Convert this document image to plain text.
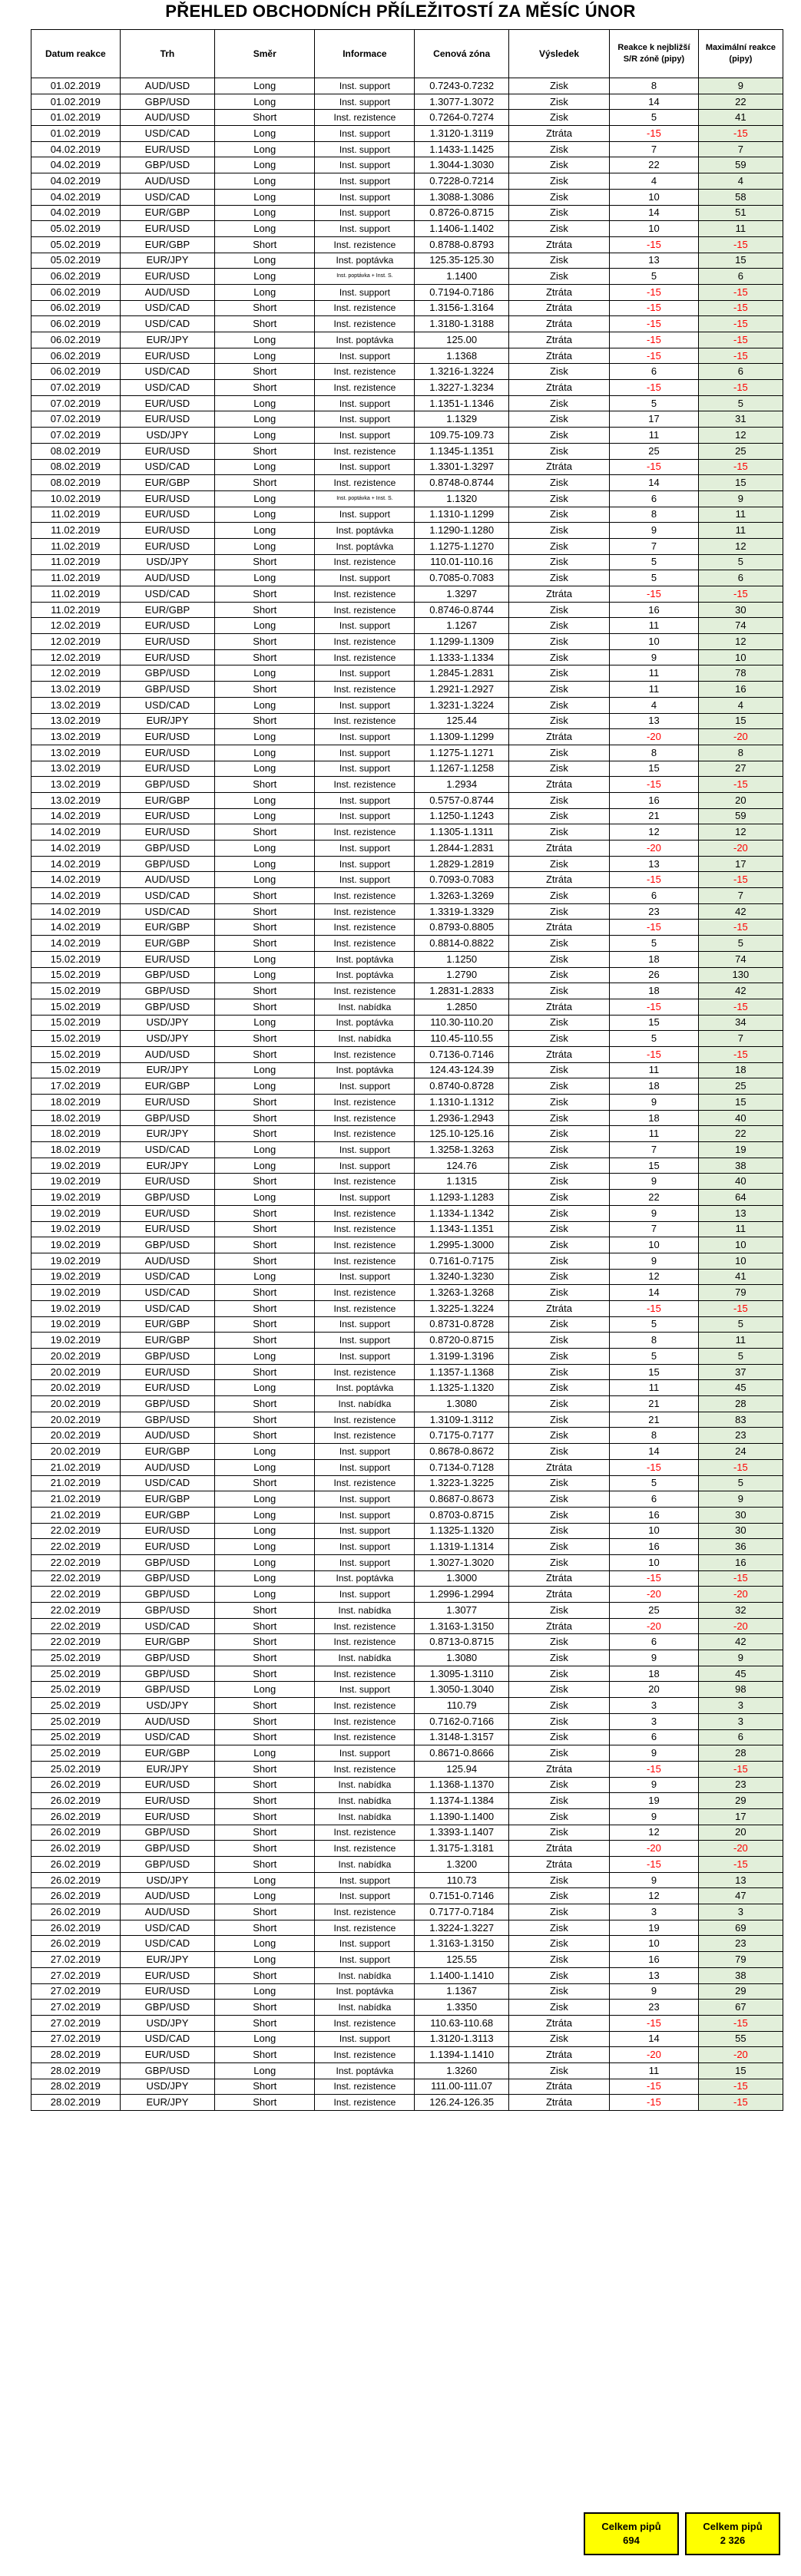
PŘEHLED OBCHODNÍCH PŘÍLEŽITOSTÍ ZA MĚSÍC ÚNOR
Datum reakce	Trh	Směr	Informace	Cenová zóna	Výsledek	Reakce k nejbližší S/R zóně (pipy)	Maximální reakce (pipy)
01.02.2019	AUD/USD	Long	Inst. support	0.7243-0.7232	Zisk	8	9
01.02.2019	GBP/USD	Long	Inst. support	1.3077-1.3072	Zisk	14	22
01.02.2019	AUD/USD	Short	Inst. rezistence	0.7264-0.7274	Zisk	5	41
01.02.2019	USD/CAD	Long	Inst. support	1.3120-1.3119	Ztráta	-15	-15
04.02.2019	EUR/USD	Long	Inst. support	1.1433-1.1425	Zisk	7	7
04.02.2019	GBP/USD	Long	Inst. support	1.3044-1.3030	Zisk	22	59
04.02.2019	AUD/USD	Long	Inst. support	0.7228-0.7214	Zisk	4	4
04.02.2019	USD/CAD	Long	Inst. support	1.3088-1.3086	Zisk	10	58
04.02.2019	EUR/GBP	Long	Inst. support	0.8726-0.8715	Zisk	14	51
05.02.2019	EUR/USD	Long	Inst. support	1.1406-1.1402	Zisk	10	11
05.02.2019	EUR/GBP	Short	Inst. rezistence	0.8788-0.8793	Ztráta	-15	-15
05.02.2019	EUR/JPY	Long	Inst. poptávka	125.35-125.30	Zisk	13	15
06.02.2019	EUR/USD	Long	Inst. poptávka + Inst. S.	1.1400	Zisk	5	6
06.02.2019	AUD/USD	Long	Inst. support	0.7194-0.7186	Ztráta	-15	-15
06.02.2019	USD/CAD	Short	Inst. rezistence	1.3156-1.3164	Ztráta	-15	-15
06.02.2019	USD/CAD	Short	Inst. rezistence	1.3180-1.3188	Ztráta	-15	-15
06.02.2019	EUR/JPY	Long	Inst. poptávka	125.00	Ztráta	-15	-15
06.02.2019	EUR/USD	Long	Inst. support	1.1368	Ztráta	-15	-15
06.02.2019	USD/CAD	Short	Inst. rezistence	1.3216-1.3224	Zisk	6	6
07.02.2019	USD/CAD	Short	Inst. rezistence	1.3227-1.3234	Ztráta	-15	-15
07.02.2019	EUR/USD	Long	Inst. support	1.1351-1.1346	Zisk	5	5
07.02.2019	EUR/USD	Long	Inst. support	1.1329	Zisk	17	31
07.02.2019	USD/JPY	Long	Inst. support	109.75-109.73	Zisk	11	12
08.02.2019	EUR/USD	Short	Inst. rezistence	1.1345-1.1351	Zisk	25	25
08.02.2019	USD/CAD	Long	Inst. support	1.3301-1.3297	Ztráta	-15	-15
08.02.2019	EUR/GBP	Short	Inst. rezistence	0.8748-0.8744	Zisk	14	15
10.02.2019	EUR/USD	Long	Inst. poptávka + Inst. S.	1.1320	Zisk	6	9
11.02.2019	EUR/USD	Long	Inst. support	1.1310-1.1299	Zisk	8	11
11.02.2019	EUR/USD	Long	Inst. poptávka	1.1290-1.1280	Zisk	9	11
11.02.2019	EUR/USD	Long	Inst. poptávka	1.1275-1.1270	Zisk	7	12
11.02.2019	USD/JPY	Short	Inst. rezistence	110.01-110.16	Zisk	5	5
11.02.2019	AUD/USD	Long	Inst. support	0.7085-0.7083	Zisk	5	6
11.02.2019	USD/CAD	Short	Inst. rezistence	1.3297	Ztráta	-15	-15
11.02.2019	EUR/GBP	Short	Inst. rezistence	0.8746-0.8744	Zisk	16	30
12.02.2019	EUR/USD	Long	Inst. support	1.1267	Zisk	11	74
12.02.2019	EUR/USD	Short	Inst. rezistence	1.1299-1.1309	Zisk	10	12
12.02.2019	EUR/USD	Short	Inst. rezistence	1.1333-1.1334	Zisk	9	10
12.02.2019	GBP/USD	Long	Inst. support	1.2845-1.2831	Zisk	11	78
13.02.2019	GBP/USD	Short	Inst. rezistence	1.2921-1.2927	Zisk	11	16
13.02.2019	USD/CAD	Long	Inst. support	1.3231-1.3224	Zisk	4	4
13.02.2019	EUR/JPY	Short	Inst. rezistence	125.44	Zisk	13	15
13.02.2019	EUR/USD	Long	Inst. support	1.1309-1.1299	Ztráta	-20	-20
13.02.2019	EUR/USD	Long	Inst. support	1.1275-1.1271	Zisk	8	8
13.02.2019	EUR/USD	Long	Inst. support	1.1267-1.1258	Zisk	15	27
13.02.2019	GBP/USD	Short	Inst. rezistence	1.2934	Ztráta	-15	-15
13.02.2019	EUR/GBP	Long	Inst. support	0.5757-0.8744	Zisk	16	20
14.02.2019	EUR/USD	Long	Inst. support	1.1250-1.1243	Zisk	21	59
14.02.2019	EUR/USD	Short	Inst. rezistence	1.1305-1.1311	Zisk	12	12
14.02.2019	GBP/USD	Long	Inst. support	1.2844-1.2831	Ztráta	-20	-20
14.02.2019	GBP/USD	Long	Inst. support	1.2829-1.2819	Zisk	13	17
14.02.2019	AUD/USD	Long	Inst. support	0.7093-0.7083	Ztráta	-15	-15
14.02.2019	USD/CAD	Short	Inst. rezistence	1.3263-1.3269	Zisk	6	7
14.02.2019	USD/CAD	Short	Inst. rezistence	1.3319-1.3329	Zisk	23	42
14.02.2019	EUR/GBP	Short	Inst. rezistence	0.8793-0.8805	Ztráta	-15	-15
14.02.2019	EUR/GBP	Short	Inst. rezistence	0.8814-0.8822	Zisk	5	5
15.02.2019	EUR/USD	Long	Inst. poptávka	1.1250	Zisk	18	74
15.02.2019	GBP/USD	Long	Inst. poptávka	1.2790	Zisk	26	130
15.02.2019	GBP/USD	Short	Inst. rezistence	1.2831-1.2833	Zisk	18	42
15.02.2019	GBP/USD	Short	Inst. nabídka	1.2850	Ztráta	-15	-15
15.02.2019	USD/JPY	Long	Inst. poptávka	110.30-110.20	Zisk	15	34
15.02.2019	USD/JPY	Short	Inst. nabídka	110.45-110.55	Zisk	5	7
15.02.2019	AUD/USD	Short	Inst. rezistence	0.7136-0.7146	Ztráta	-15	-15
15.02.2019	EUR/JPY	Long	Inst. poptávka	124.43-124.39	Zisk	11	18
17.02.2019	EUR/GBP	Long	Inst. support	0.8740-0.8728	Zisk	18	25
18.02.2019	EUR/USD	Short	Inst. rezistence	1.1310-1.1312	Zisk	9	15
18.02.2019	GBP/USD	Short	Inst. rezistence	1.2936-1.2943	Zisk	18	40
18.02.2019	EUR/JPY	Short	Inst. rezistence	125.10-125.16	Zisk	11	22
18.02.2019	USD/CAD	Long	Inst. support	1.3258-1.3263	Zisk	7	19
19.02.2019	EUR/JPY	Long	Inst. support	124.76	Zisk	15	38
19.02.2019	EUR/USD	Short	Inst. rezistence	1.1315	Zisk	9	40
19.02.2019	GBP/USD	Long	Inst. support	1.1293-1.1283	Zisk	22	64
19.02.2019	EUR/USD	Short	Inst. rezistence	1.1334-1.1342	Zisk	9	13
19.02.2019	EUR/USD	Short	Inst. rezistence	1.1343-1.1351	Zisk	7	11
19.02.2019	GBP/USD	Short	Inst. rezistence	1.2995-1.3000	Zisk	10	10
19.02.2019	AUD/USD	Short	Inst. rezistence	0.7161-0.7175	Zisk	9	10
19.02.2019	USD/CAD	Long	Inst. support	1.3240-1.3230	Zisk	12	41
19.02.2019	USD/CAD	Short	Inst. rezistence	1.3263-1.3268	Zisk	14	79
19.02.2019	USD/CAD	Short	Inst. rezistence	1.3225-1.3224	Ztráta	-15	-15
19.02.2019	EUR/GBP	Short	Inst. support	0.8731-0.8728	Zisk	5	5
19.02.2019	EUR/GBP	Short	Inst. support	0.8720-0.8715	Zisk	8	11
20.02.2019	GBP/USD	Long	Inst. support	1.3199-1.3196	Zisk	5	5
20.02.2019	EUR/USD	Short	Inst. rezistence	1.1357-1.1368	Zisk	15	37
20.02.2019	EUR/USD	Long	Inst. poptávka	1.1325-1.1320	Zisk	11	45
20.02.2019	GBP/USD	Short	Inst. nabídka	1.3080	Zisk	21	28
20.02.2019	GBP/USD	Short	Inst. rezistence	1.3109-1.3112	Zisk	21	83
20.02.2019	AUD/USD	Short	Inst. rezistence	0.7175-0.7177	Zisk	8	23
20.02.2019	EUR/GBP	Long	Inst. support	0.8678-0.8672	Zisk	14	24
21.02.2019	AUD/USD	Long	Inst. support	0.7134-0.7128	Ztráta	-15	-15
21.02.2019	USD/CAD	Short	Inst. rezistence	1.3223-1.3225	Zisk	5	5
21.02.2019	EUR/GBP	Long	Inst. support	0.8687-0.8673	Zisk	6	9
21.02.2019	EUR/GBP	Long	Inst. support	0.8703-0.8715	Zisk	16	30
22.02.2019	EUR/USD	Long	Inst. support	1.1325-1.1320	Zisk	10	30
22.02.2019	EUR/USD	Long	Inst. support	1.1319-1.1314	Zisk	16	36
22.02.2019	GBP/USD	Long	Inst. support	1.3027-1.3020	Zisk	10	16
22.02.2019	GBP/USD	Long	Inst. poptávka	1.3000	Ztráta	-15	-15
22.02.2019	GBP/USD	Long	Inst. support	1.2996-1.2994	Ztráta	-20	-20
22.02.2019	GBP/USD	Short	Inst. nabídka	1.3077	Zisk	25	32
22.02.2019	USD/CAD	Short	Inst. rezistence	1.3163-1.3150	Ztráta	-20	-20
22.02.2019	EUR/GBP	Short	Inst. rezistence	0.8713-0.8715	Zisk	6	42
25.02.2019	GBP/USD	Short	Inst. nabídka	1.3080	Zisk	9	9
25.02.2019	GBP/USD	Short	Inst. rezistence	1.3095-1.3110	Zisk	18	45
25.02.2019	GBP/USD	Long	Inst. support	1.3050-1.3040	Zisk	20	98
25.02.2019	USD/JPY	Short	Inst. rezistence	110.79	Zisk	3	3
25.02.2019	AUD/USD	Short	Inst. rezistence	0.7162-0.7166	Zisk	3	3
25.02.2019	USD/CAD	Short	Inst. rezistence	1.3148-1.3157	Zisk	6	6
25.02.2019	EUR/GBP	Long	Inst. support	0.8671-0.8666	Zisk	9	28
25.02.2019	EUR/JPY	Short	Inst. rezistence	125.94	Ztráta	-15	-15
26.02.2019	EUR/USD	Short	Inst. nabídka	1.1368-1.1370	Zisk	9	23
26.02.2019	EUR/USD	Short	Inst. nabídka	1.1374-1.1384	Zisk	19	29
26.02.2019	EUR/USD	Short	Inst. nabídka	1.1390-1.1400	Zisk	9	17
26.02.2019	GBP/USD	Short	Inst. rezistence	1.3393-1.1407	Zisk	12	20
26.02.2019	GBP/USD	Short	Inst. rezistence	1.3175-1.3181	Ztráta	-20	-20
26.02.2019	GBP/USD	Short	Inst. nabídka	1.3200	Ztráta	-15	-15
26.02.2019	USD/JPY	Long	Inst. support	110.73	Zisk	9	13
26.02.2019	AUD/USD	Long	Inst. support	0.7151-0.7146	Zisk	12	47
26.02.2019	AUD/USD	Short	Inst. rezistence	0.7177-0.7184	Zisk	3	3
26.02.2019	USD/CAD	Short	Inst. rezistence	1.3224-1.3227	Zisk	19	69
26.02.2019	USD/CAD	Long	Inst. support	1.3163-1.3150	Zisk	10	23
27.02.2019	EUR/JPY	Long	Inst. support	125.55	Zisk	16	79
27.02.2019	EUR/USD	Short	Inst. nabídka	1.1400-1.1410	Zisk	13	38
27.02.2019	EUR/USD	Long	Inst. poptávka	1.1367	Zisk	9	29
27.02.2019	GBP/USD	Short	Inst. nabídka	1.3350	Zisk	23	67
27.02.2019	USD/JPY	Short	Inst. rezistence	110.63-110.68	Ztráta	-15	-15
27.02.2019	USD/CAD	Long	Inst. support	1.3120-1.3113	Zisk	14	55
28.02.2019	EUR/USD	Short	Inst. rezistence	1.1394-1.1410	Ztráta	-20	-20
28.02.2019	GBP/USD	Long	Inst. poptávka	1.3260	Zisk	11	15
28.02.2019	USD/JPY	Short	Inst. rezistence	111.00-111.07	Ztráta	-15	-15
28.02.2019	EUR/JPY	Short	Inst. rezistence	126.24-126.35	Ztráta	-15	-15
Celkem pipů
694
Celkem pipů
2 326
